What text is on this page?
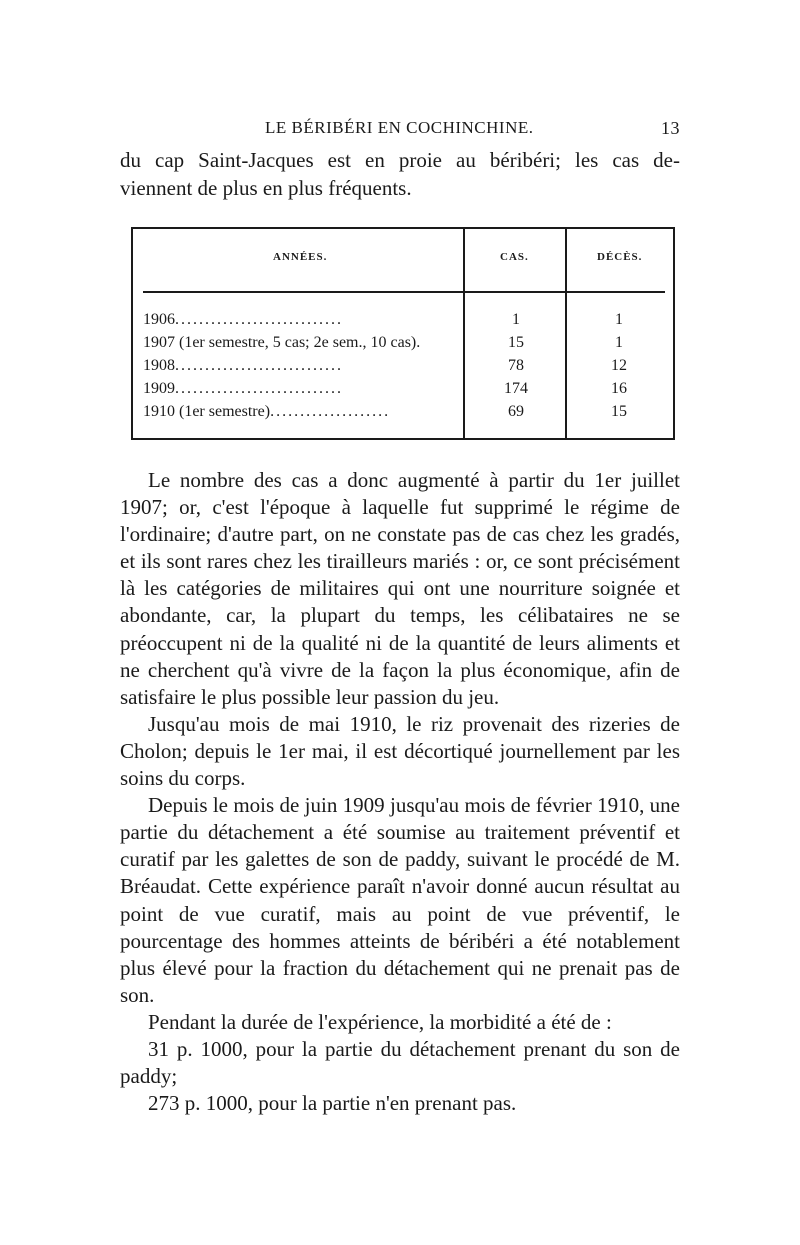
LE BÉRIBÉRI EN COCHINCHINE.	13

du cap Saint-Jacques est en proie au béribéri; les cas de-
viennent de plus en plus fréquents.

ANNÉES.	CAS.	DÉCÈS.
1906............................	1	1
1907 (1er semestre, 5 cas; 2e sem., 10 cas).	15	1
1908............................	78	12
1909............................	174	16
1910 (1er semestre)....................	69	15

Le nombre des cas a donc augmenté à partir du 1er juillet 1907; or, c'est l'époque à laquelle fut supprimé le régime de l'ordinaire; d'autre part, on ne constate pas de cas chez les gradés, et ils sont rares chez les tirailleurs mariés : or, ce sont précisément là les catégories de militaires qui ont une nourriture soignée et abondante, car, la plupart du temps, les célibataires ne se préoccupent ni de la qualité ni de la quantité de leurs aliments et ne cherchent qu'à vivre de la façon la plus économique, afin de satisfaire le plus possible leur passion du jeu.

Jusqu'au mois de mai 1910, le riz provenait des rizeries de Cholon; depuis le 1er mai, il est décortiqué journellement par les soins du corps.

Depuis le mois de juin 1909 jusqu'au mois de février 1910, une partie du détachement a été soumise au traitement préventif et curatif par les galettes de son de paddy, suivant le procédé de M. Bréaudat. Cette expérience paraît n'avoir donné aucun résultat au point de vue curatif, mais au point de vue préventif, le pourcentage des hommes atteints de béribéri a été notablement plus élevé pour la fraction du détachement qui ne prenait pas de son.

Pendant la durée de l'expérience, la morbidité a été de :

31 p. 1000, pour la partie du détachement prenant du son de paddy;

273 p. 1000, pour la partie n'en prenant pas.
